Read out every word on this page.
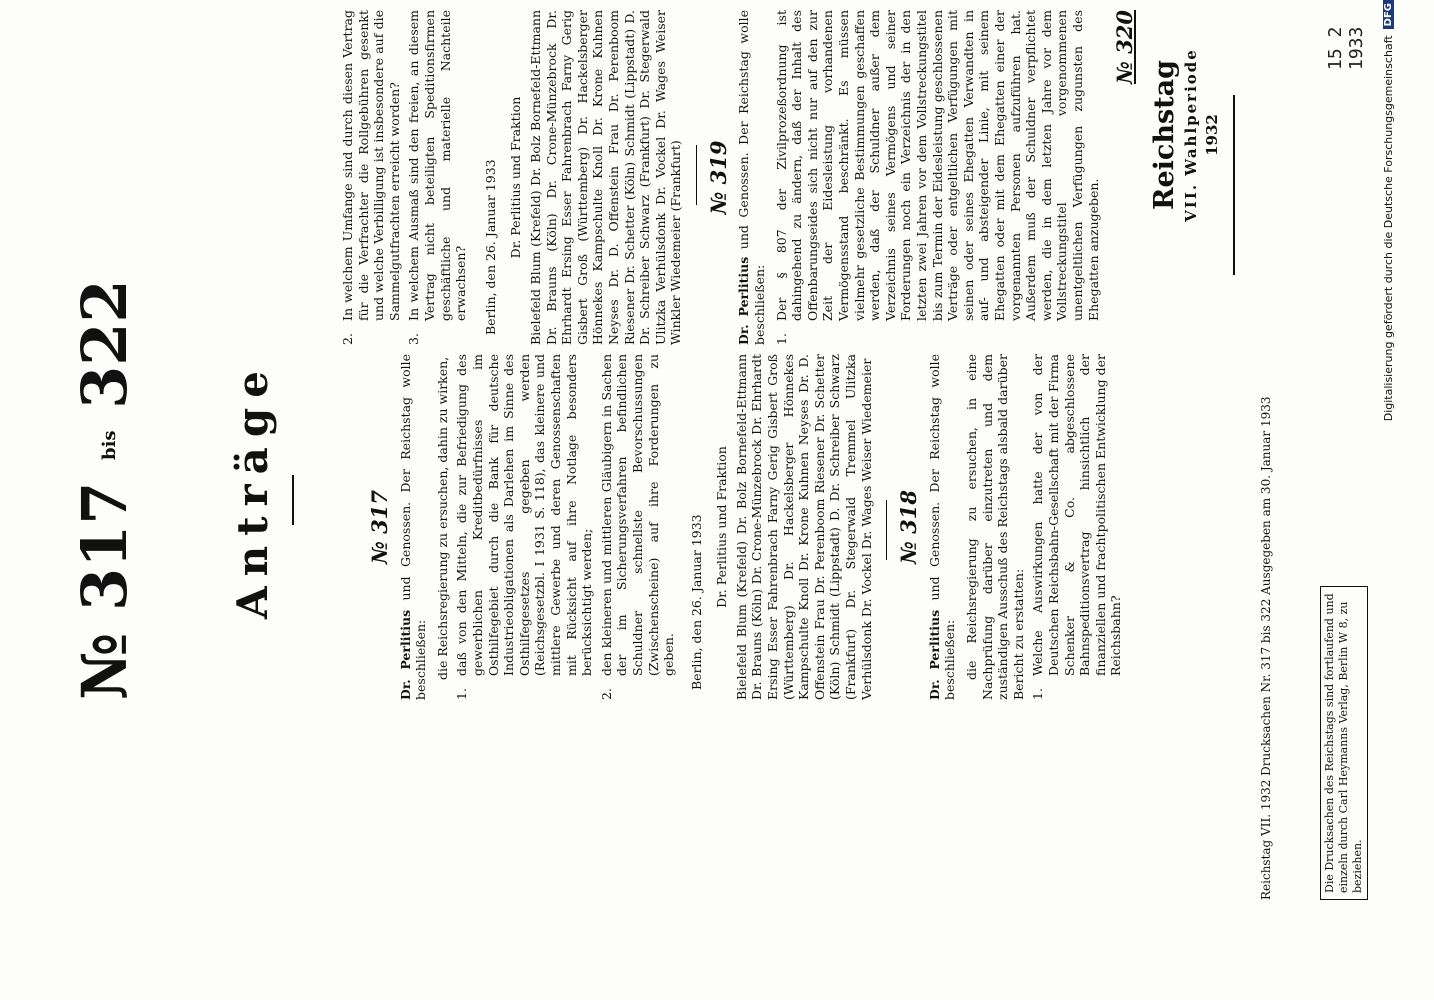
15 2 1933
Reichstag VII. Wahlperiode 1932
№ 317 bis 322
Anträge	№ 317

Dr. Perlitius und Genossen. Der Reichstag wolle beschließen: die Reichsregierung zu ersuchen, dahin zu wirken,

1.
daß von den Mitteln, die zur Befriedigung des gewerblichen Kreditbedürfnisses im Osthilfegebiet durch die Bank für deutsche Industrieobligationen als Darlehen im Sinne des Osthilfegesetzes gegeben werden (Reichsgesetzbl. I 1931 S. 118), das kleinere und mittlere Gewerbe und deren Genossenschaften mit Rücksicht auf ihre Notlage besonders berücksichtigt werden;
2.
den kleineren und mittleren Gläubigern in Sachen der im Sicherungsverfahren befindlichen Schuldner schnellste Bevorschussungen (Zwischenscheine) auf ihre Forderungen zu geben. Berlin, den 26. Januar 1933 Dr. Perlitius und Fraktion Bielefeld Blum (Krefeld) Dr. Bolz Bornefeld-Ettmann Dr. Brauns (Köln) Dr. Crone-Münzebrock Dr. Ehrhardt Ersing Esser Fahrenbrach Farny Gerig Gisbert Groß (Württemberg) Dr. Hackelsberger Hönnekes Kampschulte Knoll Dr. Krone Kuhnen Neyses Dr. D. Offenstein Frau Dr. Perenboom Riesener Dr. Schetter (Köln) Schmidt (Lippstadt) D. Dr. Schreiber Schwarz (Frankfurt) Dr. Stegerwald Tremmel Ulitzka Verhülsdonk Dr. Vockel Dr. Wages Weiser Wiedemeier № 318

Dr. Perlitius und Genossen. Der Reichstag wolle beschließen: die Reichsregierung zu ersuchen, in eine Nachprüfung darüber einzutreten und dem zuständigen Ausschuß des Reichstags alsbald darüber Bericht zu erstatten: 1.
Welche Auswirkungen hatte der von der Deutschen Reichsbahn-Gesellschaft mit der Firma Schenker & Co. abgeschlossene Bahnspeditionsvertrag hinsichtlich der finanziellen und frachtpolitischen Entwicklung der Reichsbahn?
2.
In welchem Umfange sind durch diesen Vertrag für die Verfrachter die Rollgebühren gesenkt und welche Verbilligung ist insbesondere auf die Sammelgutfrachten erreicht worden?
3.
In welchem Ausmaß sind den freien, an diesem Vertrag nicht beteiligten Speditionsfirmen geschäftliche und materielle Nachteile erwachsen? Berlin, den 26. Januar 1933 Dr. Perlitius und Fraktion Bielefeld Blum (Krefeld) Dr. Bolz Bornefeld-Ettmann Dr. Brauns (Köln) Dr. Crone-Münzebrock Dr. Ehrhardt Ersing Esser Fahrenbrach Farny Gerig Gisbert Groß (Württemberg) Dr. Hackelsberger Hönnekes Kampschulte Knoll Dr. Krone Kuhnen Neyses Dr. D. Offenstein Frau Dr. Perenboom Riesener Dr. Schetter (Köln) Schmidt (Lippstadt) D. Dr. Schreiber Schwarz (Frankfurt) Dr. Stegerwald Ulitzka Verhülsdonk Dr. Vockel Dr. Wages Weiser Winkler Wiedemeier (Frankfurt) № 319

Dr. Perlitius und Genossen. Der Reichstag wolle beschließen: 1.
Der § 807 der Zivilprozeßordnung ist dahingehend zu ändern, daß der Inhalt des Offenbarungseides sich nicht nur auf den zur Zeit der Eidesleistung vorhandenen Vermögensstand beschränkt. Es müssen vielmehr gesetzliche Bestimmungen geschaffen werden, daß der Schuldner außer dem Verzeichnis seines Vermögens und seiner Forderungen noch ein Verzeichnis der in den letzten zwei Jahren vor dem Vollstreckungstitel bis zum Termin der Eidesleistung geschlossenen Verträge oder entgeltlichen Verfügungen mit seinen oder seines Ehegatten Verwandten in auf- und absteigender Linie, mit seinem Ehegatten oder mit dem Ehegatten einer der vorgenannten Personen aufzuführen hat. Außerdem muß der Schuldner verpflichtet werden, die in dem letzten Jahre vor dem Vollstreckungstitel vorgenommenen unentgeltlichen Verfügungen zugunsten des Ehegatten anzugeben.
№ 320
Reichstag VII. 1932 Drucksachen Nr. 317 bis 322 Ausgegeben am 30. Januar 1933	Die Drucksachen des Reichstags sind fortlaufend und einzeln durch Carl Heymanns Verlag, Berlin W 8, zu beziehen.
Digitalisierung gefördert durch die Deutsche Forschungsgemeinschaft
DFG
